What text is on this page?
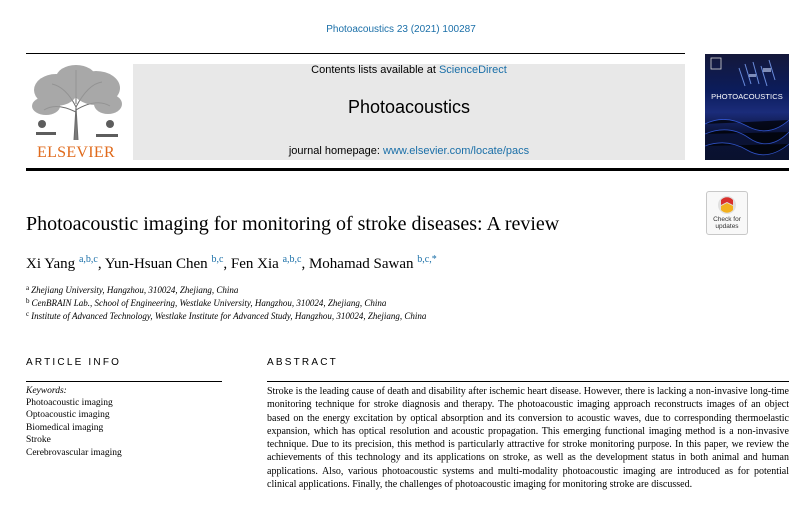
Photoacoustics 23 (2021) 100287
ELSEVIER
Contents lists available at ScienceDirect
Photoacoustics
journal homepage: www.elsevier.com/locate/pacs
PHOTOACOUSTICS
Check for
updates
Photoacoustic imaging for monitoring of stroke diseases: A review
Xi Yang $^{a,b,c}$, Yun-Hsuan Chen $^{b,c}$, Fen Xia $^{a,b,c}$, Mohamad Sawan $^{b,c,*}$
$^a$ Zhejiang University, Hangzhou, 310024, Zhejiang, China
$^b$ CenBRAIN Lab., School of Engineering, Westlake University, Hangzhou, 310024, Zhejiang, China
$^c$ Institute of Advanced Technology, Westlake Institute for Advanced Study, Hangzhou, 310024, Zhejiang, China
ARTICLE INFO
Keywords:
Photoacoustic imaging
Optoacoustic imaging
Biomedical imaging
Stroke
Cerebrovascular imaging
ABSTRACT
Stroke is the leading cause of death and disability after ischemic heart disease. However, there is lacking a non-invasive long-time monitoring technique for stroke diagnosis and therapy. The photoacoustic imaging approach reconstructs images of an object based on the energy excitation by optical absorption and its conversion to acoustic waves, due to corresponding thermoelastic expansion, which has optical resolution and acoustic propagation. This emerging functional imaging method is a non-invasive technique. Due to its precision, this method is particularly attractive for stroke monitoring purpose. In this paper, we review the achievements of this technology and its applications on stroke, as well as the development status in both animal and human applications. Also, various photoacoustic systems and multi-modality photoacoustic imaging are introduced as for potential clinical applications. Finally, the challenges of photoacoustic imaging for monitoring stroke are discussed.
